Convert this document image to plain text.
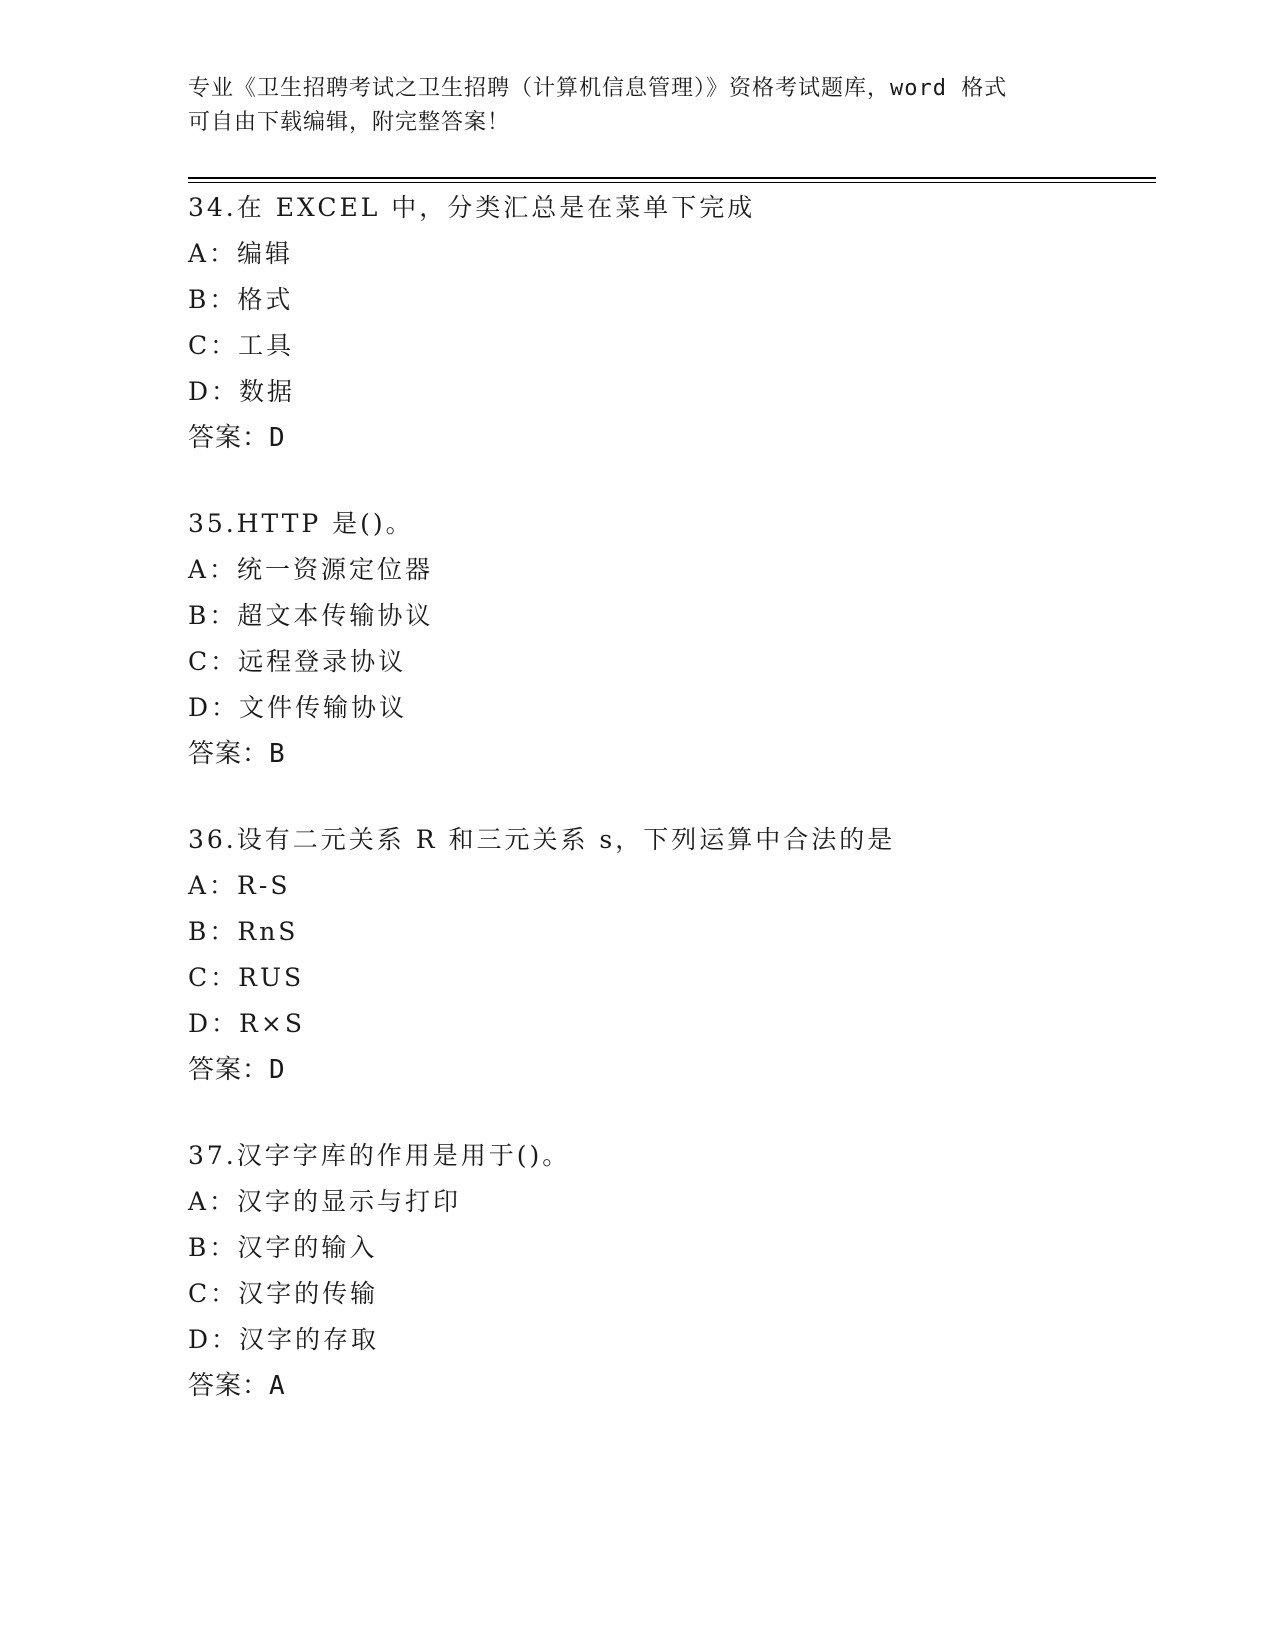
专业《卫生招聘考试之卫生招聘（计算机信息管理）》资格考试题库，word 格式
可自由下载编辑，附完整答案！
34.在 EXCEL 中，分类汇总是在菜单下完成
A：编辑
B：格式
C：工具
D：数据
答案：D
35.HTTP 是()。
A：统一资源定位器
B：超文本传输协议
C：远程登录协议
D：文件传输协议
答案：B
36.设有二元关系 R 和三元关系 s，下列运算中合法的是
A：R-S
B：RnS
C：RUS
D：R×S
答案：D
37.汉字字库的作用是用于()。
A：汉字的显示与打印
B：汉字的输入
C：汉字的传输
D：汉字的存取
答案：A
